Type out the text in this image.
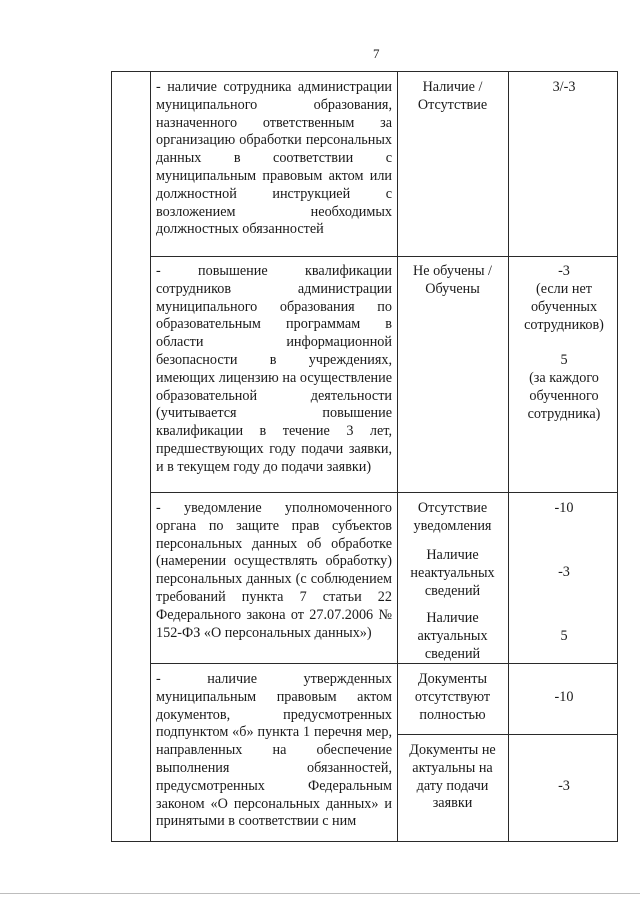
7

- наличие сотрудника администрации муниципального образования, назначенного ответственным за организацию обработки персональных данных в соответствии с муниципальным правовым актом или должностной инструкцией с возложением необходимых должностных обязанностей

Наличие / Отсутствие
3/-3

- повышение квалификации сотрудников администрации муниципального образования по образовательным программам в области информационной безопасности в учреждениях, имеющих лицензию на осуществление образовательной деятельности (учитывается повышение квалификации в течение 3 лет, предшествующих году подачи заявки, и в текущем году до подачи заявки)

Не обучены / Обучены
-3
(если нет обученных сотрудников)
5
(за каждого обученного сотрудника)

- уведомление уполномоченного органа по защите прав субъектов персональных данных об обработке (намерении осуществлять обработку) персональных данных (с соблюдением требований пункта 7 статьи 22 Федерального закона от 27.07.2006 № 152-ФЗ «О персональных данных»)

Отсутствие уведомления
-10
Наличие неактуальных сведений
-3
Наличие актуальных сведений
5

- наличие утвержденных муниципальным правовым актом документов, предусмотренных подпунктом «б» пункта 1 перечня мер, направленных на обеспечение выполнения обязанностей, предусмотренных Федеральным законом «О персональных данных» и принятыми в соответствии с ним

Документы отсутствуют полностью
-10
Документы не актуальны на дату подачи заявки
-3
